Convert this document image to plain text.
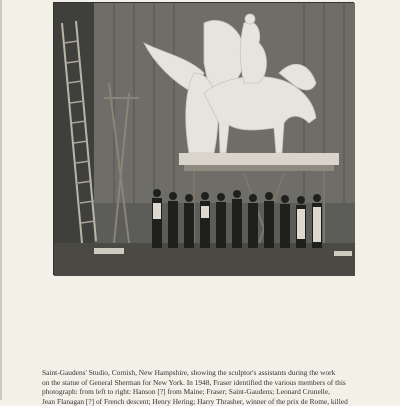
Saint-Gaudens' Studio, Cornish, New Hampshire, showing the sculptor's assistants during the work
on the statue of General Sherman for New York. In 1948, Fraser identified the various members of this
photograph: from left to right: Hanson [?] from Maine; Fraser; Saint-Gaudens; Leonard Crunelle,
Jean Flanagan [?] of French descent; Henry Hering; Harry Thrasher, winner of the prix de Rome, killed
